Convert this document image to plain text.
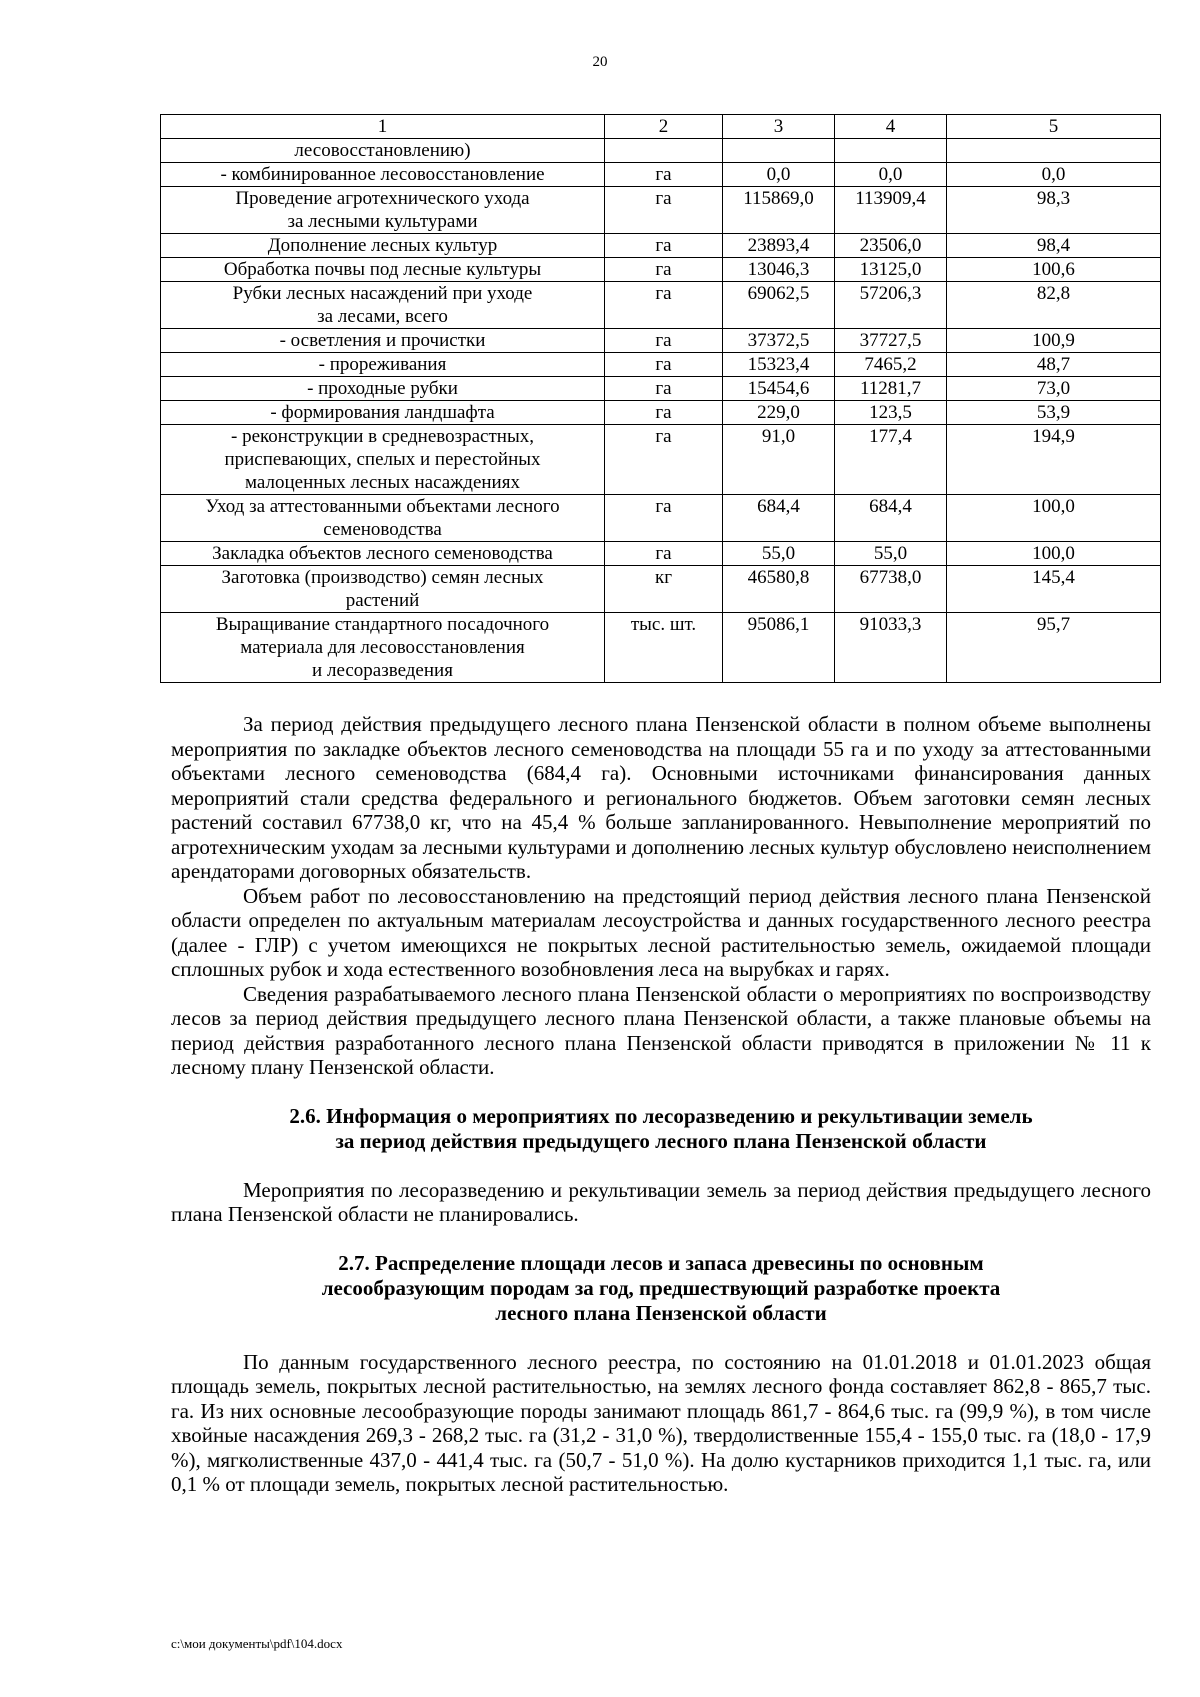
20
1	2	3	4	5
лесовосстановлению)				
- комбинированное лесовосстановление	га	0,0	0,0	0,0
Проведение агротехнического ухода
за лесными культурами	га	115869,0	113909,4	98,3
Дополнение лесных культур	га	23893,4	23506,0	98,4
Обработка почвы под лесные культуры	га	13046,3	13125,0	100,6
Рубки лесных насаждений при уходе
за лесами, всего	га	69062,5	57206,3	82,8
- осветления и прочистки	га	37372,5	37727,5	100,9
- прореживания	га	15323,4	7465,2	48,7
- проходные рубки	га	15454,6	11281,7	73,0
- формирования ландшафта	га	229,0	123,5	53,9
- реконструкции в средневозрастных,
приспевающих, спелых и перестойных
малоценных лесных насаждениях	га	91,0	177,4	194,9
Уход за аттестованными объектами лесного
семеноводства	га	684,4	684,4	100,0
Закладка объектов лесного семеноводства	га	55,0	55,0	100,0
Заготовка (производство) семян лесных
растений	кг	46580,8	67738,0	145,4
Выращивание стандартного посадочного
материала для лесовосстановления
и лесоразведения	тыс. шт.	95086,1	91033,3	95,7

За период действия предыдущего лесного плана Пензенской области в полном объеме выполнены мероприятия по закладке объектов лесного семеноводства на площади 55 га и по уходу за аттестованными объектами лесного семеноводства (684,4 га). Основными источниками финансирования данных мероприятий стали средства федерального и регионального бюджетов. Объем заготовки семян лесных растений составил 67738,0 кг, что на 45,4 % больше запланированного. Невыполнение мероприятий по агротехническим уходам за лесными культурами и дополнению лесных культур обусловлено неисполнением арендаторами договорных обязательств.

Объем работ по лесовосстановлению на предстоящий период действия лесного плана Пензенской области определен по актуальным материалам лесоустройства и данных государственного лесного реестра (далее - ГЛР) с учетом имеющихся не покрытых лесной растительностью земель, ожидаемой площади сплошных рубок и хода естественного возобновления леса на вырубках и гарях.

Сведения разрабатываемого лесного плана Пензенской области о мероприятиях по воспроизводству лесов за период действия предыдущего лесного плана Пензенской области, а также плановые объемы на период действия разработанного лесного плана Пензенской области приводятся в приложении № 11 к лесному плану Пензенской области.

2.6. Информация о мероприятиях по лесоразведению и рекультивации земель
за период действия предыдущего лесного плана Пензенской области

Мероприятия по лесоразведению и рекультивации земель за период действия предыдущего лесного плана Пензенской области не планировались.

2.7. Распределение площади лесов и запаса древесины по основным
лесообразующим породам за год, предшествующий разработке проекта
лесного плана Пензенской области

По данным государственного лесного реестра, по состоянию на 01.01.2018 и 01.01.2023 общая площадь земель, покрытых лесной растительностью, на землях лесного фонда составляет 862,8 - 865,7 тыс. га. Из них основные лесообразующие породы занимают площадь 861,7 - 864,6 тыс. га (99,9 %), в том числе хвойные насаждения 269,3 - 268,2 тыс. га (31,2 - 31,0 %), твердолиственные 155,4 - 155,0 тыс. га (18,0 - 17,9 %), мягколиственные 437,0 - 441,4 тыс. га (50,7 - 51,0 %). На долю кустарников приходится 1,1 тыс. га, или 0,1 % от площади земель, покрытых лесной растительностью.

c:\мои документы\pdf\104.docx
